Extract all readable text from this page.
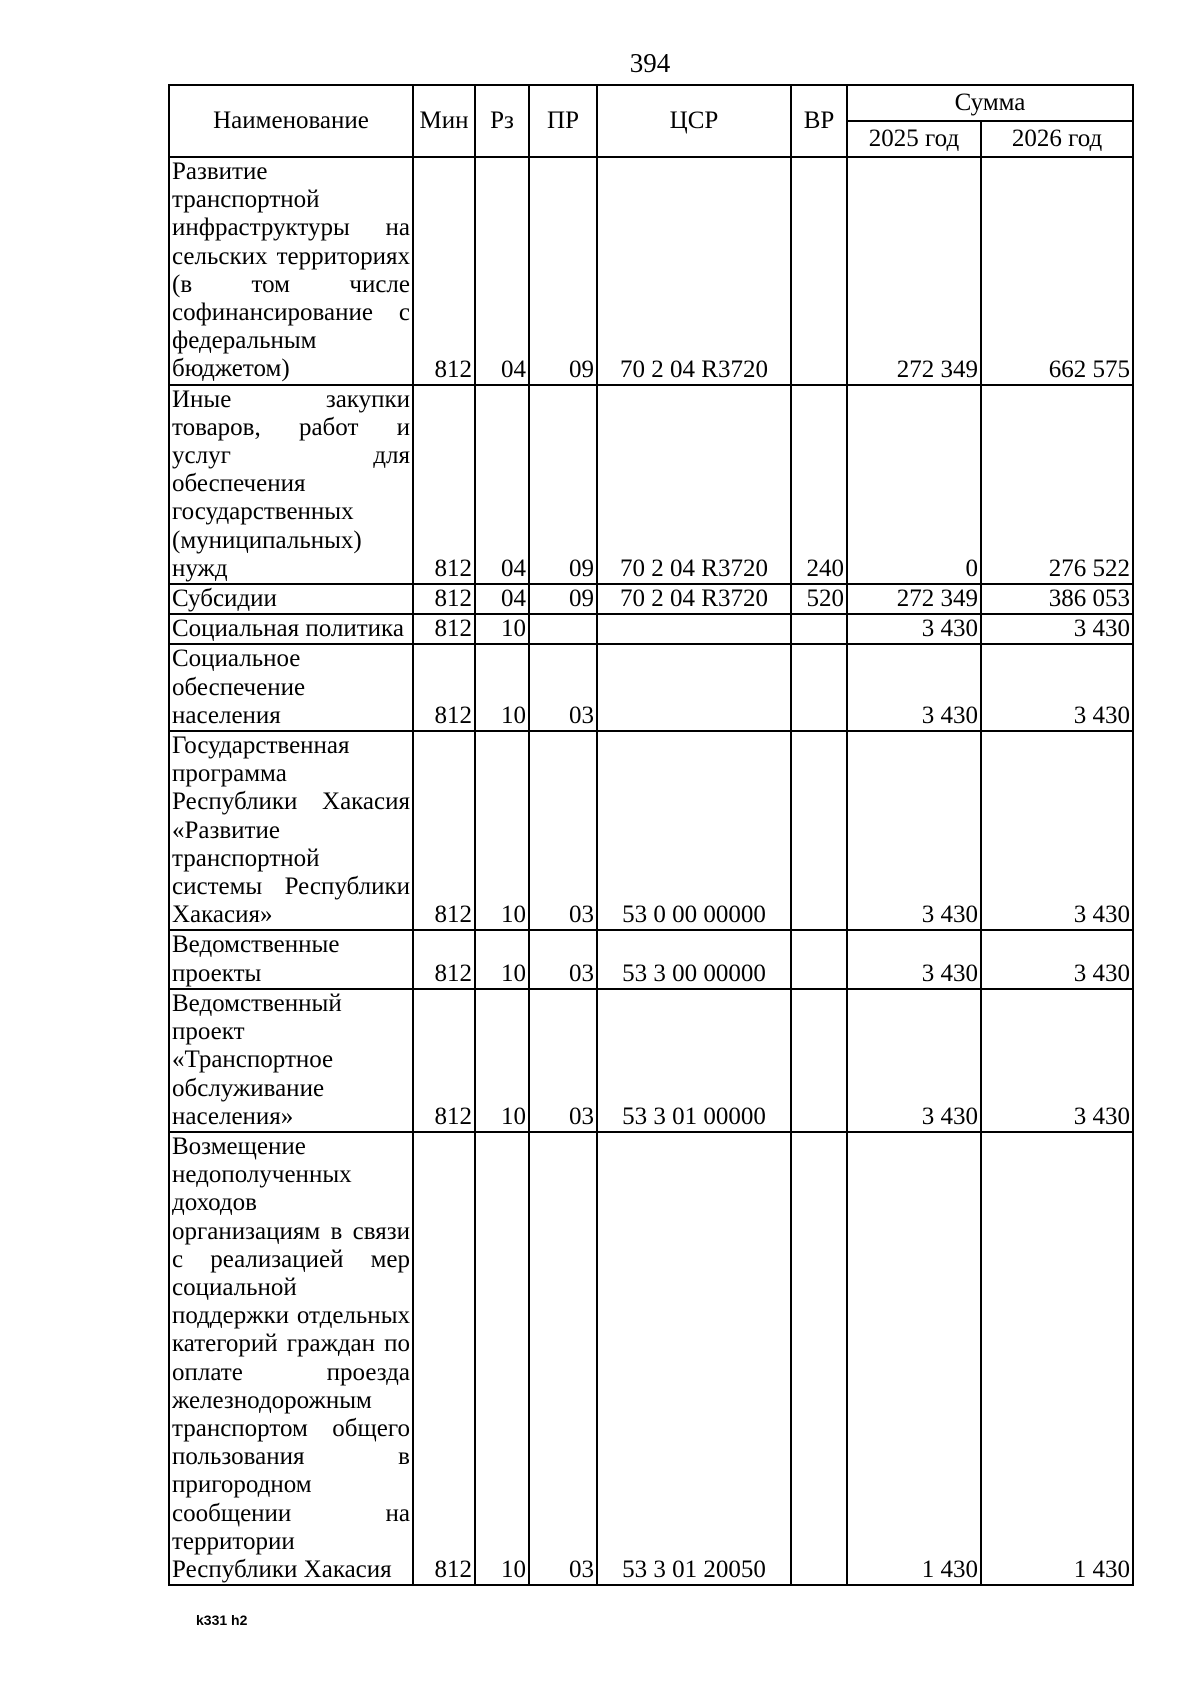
394
Наименование	Мин	Рз	ПР	ЦСР	ВР	Сумма	
						2025 год	2026 год
Развитие транспортной инфраструктуры на сельских территориях (в том числе софинансирование с федеральным бюджетом)	812	04	09	70 2 04 R3720		272 349	662 575
Иные закупки товаров, работ и услуг для обеспечения государственных (муниципальных) нужд	812	04	09	70 2 04 R3720	240	0	276 522
Субсидии	812	04	09	70 2 04 R3720	520	272 349	386 053
Социальная политика	812	10				3 430	3 430
Социальное обеспечение населения	812	10	03			3 430	3 430
Государственная программа Республики Хакасия «Развитие транспортной системы Республики Хакасия»	812	10	03	53 0 00 00000		3 430	3 430
Ведомственные проекты	812	10	03	53 3 00 00000		3 430	3 430
Ведомственный проект «Транспортное обслуживание населения»	812	10	03	53 3 01 00000		3 430	3 430
Возмещение недополученных доходов организациям в связи с реализацией мер социальной поддержки отдельных категорий граждан по оплате проезда железнодорожным транспортом общего пользования в пригородном сообщении на территории Республики Хакасия	812	10	03	53 3 01 20050		1 430	1 430
k331 h2
